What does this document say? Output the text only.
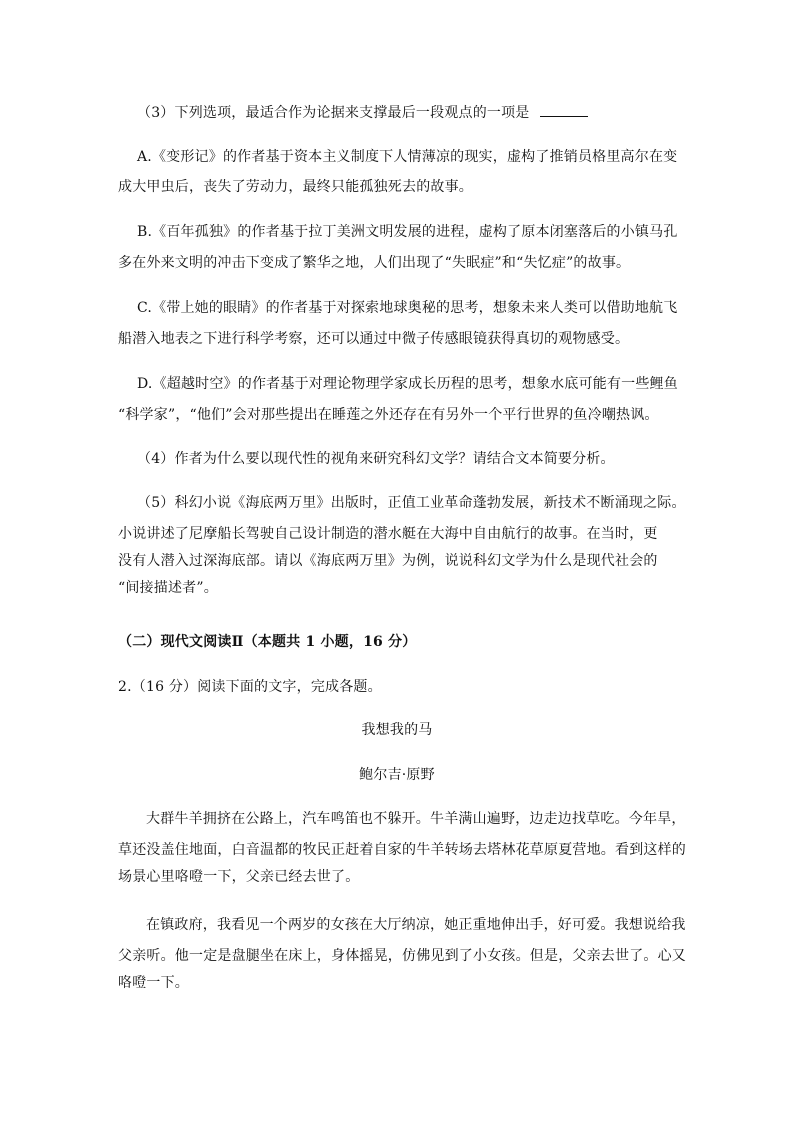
（3）下列选项，最适合作为论据来支撑最后一段观点的一项是
A.《变形记》的作者基于资本主义制度下人情薄凉的现实，虚构了推销员格里高尔在变
成大甲虫后，丧失了劳动力，最终只能孤独死去的故事。
B.《百年孤独》的作者基于拉丁美洲文明发展的进程，虚构了原本闭塞落后的小镇马孔
多在外来文明的冲击下变成了繁华之地，人们出现了“失眠症”和“失忆症”的故事。
C.《带上她的眼睛》的作者基于对探索地球奥秘的思考，想象未来人类可以借助地航飞
船潜入地表之下进行科学考察，还可以通过中微子传感眼镜获得真切的观物感受。
D.《超越时空》的作者基于对理论物理学家成长历程的思考，想象水底可能有一些鲤鱼
“科学家”，“他们”会对那些提出在睡莲之外还存在有另外一个平行世界的鱼冷嘲热讽。
（4）作者为什么要以现代性的视角来研究科幻文学？请结合文本简要分析。
（5）科幻小说《海底两万里》出版时，正值工业革命蓬勃发展，新技术不断涌现之际。
小说讲述了尼摩船长驾驶自己设计制造的潜水艇在大海中自由航行的故事。在当时，更
没有人潜入过深海底部。请以《海底两万里》为例，说说科幻文学为什么是现代社会的
“间接描述者”。
（二）现代文阅读Ⅱ（本题共 1 小题，16 分）
2.（16 分）阅读下面的文字，完成各题。
我想我的马
鲍尔吉·原野
大群牛羊拥挤在公路上，汽车鸣笛也不躲开。牛羊满山遍野，边走边找草吃。今年旱，
草还没盖住地面，白音温都的牧民正赶着自家的牛羊转场去塔林花草原夏营地。看到这样的
场景心里咯噔一下，父亲已经去世了。
在镇政府，我看见一个两岁的女孩在大厅纳凉，她正重地伸出手，好可爱。我想说给我
父亲听。他一定是盘腿坐在床上，身体摇晃，仿佛见到了小女孩。但是，父亲去世了。心又
咯噔一下。
